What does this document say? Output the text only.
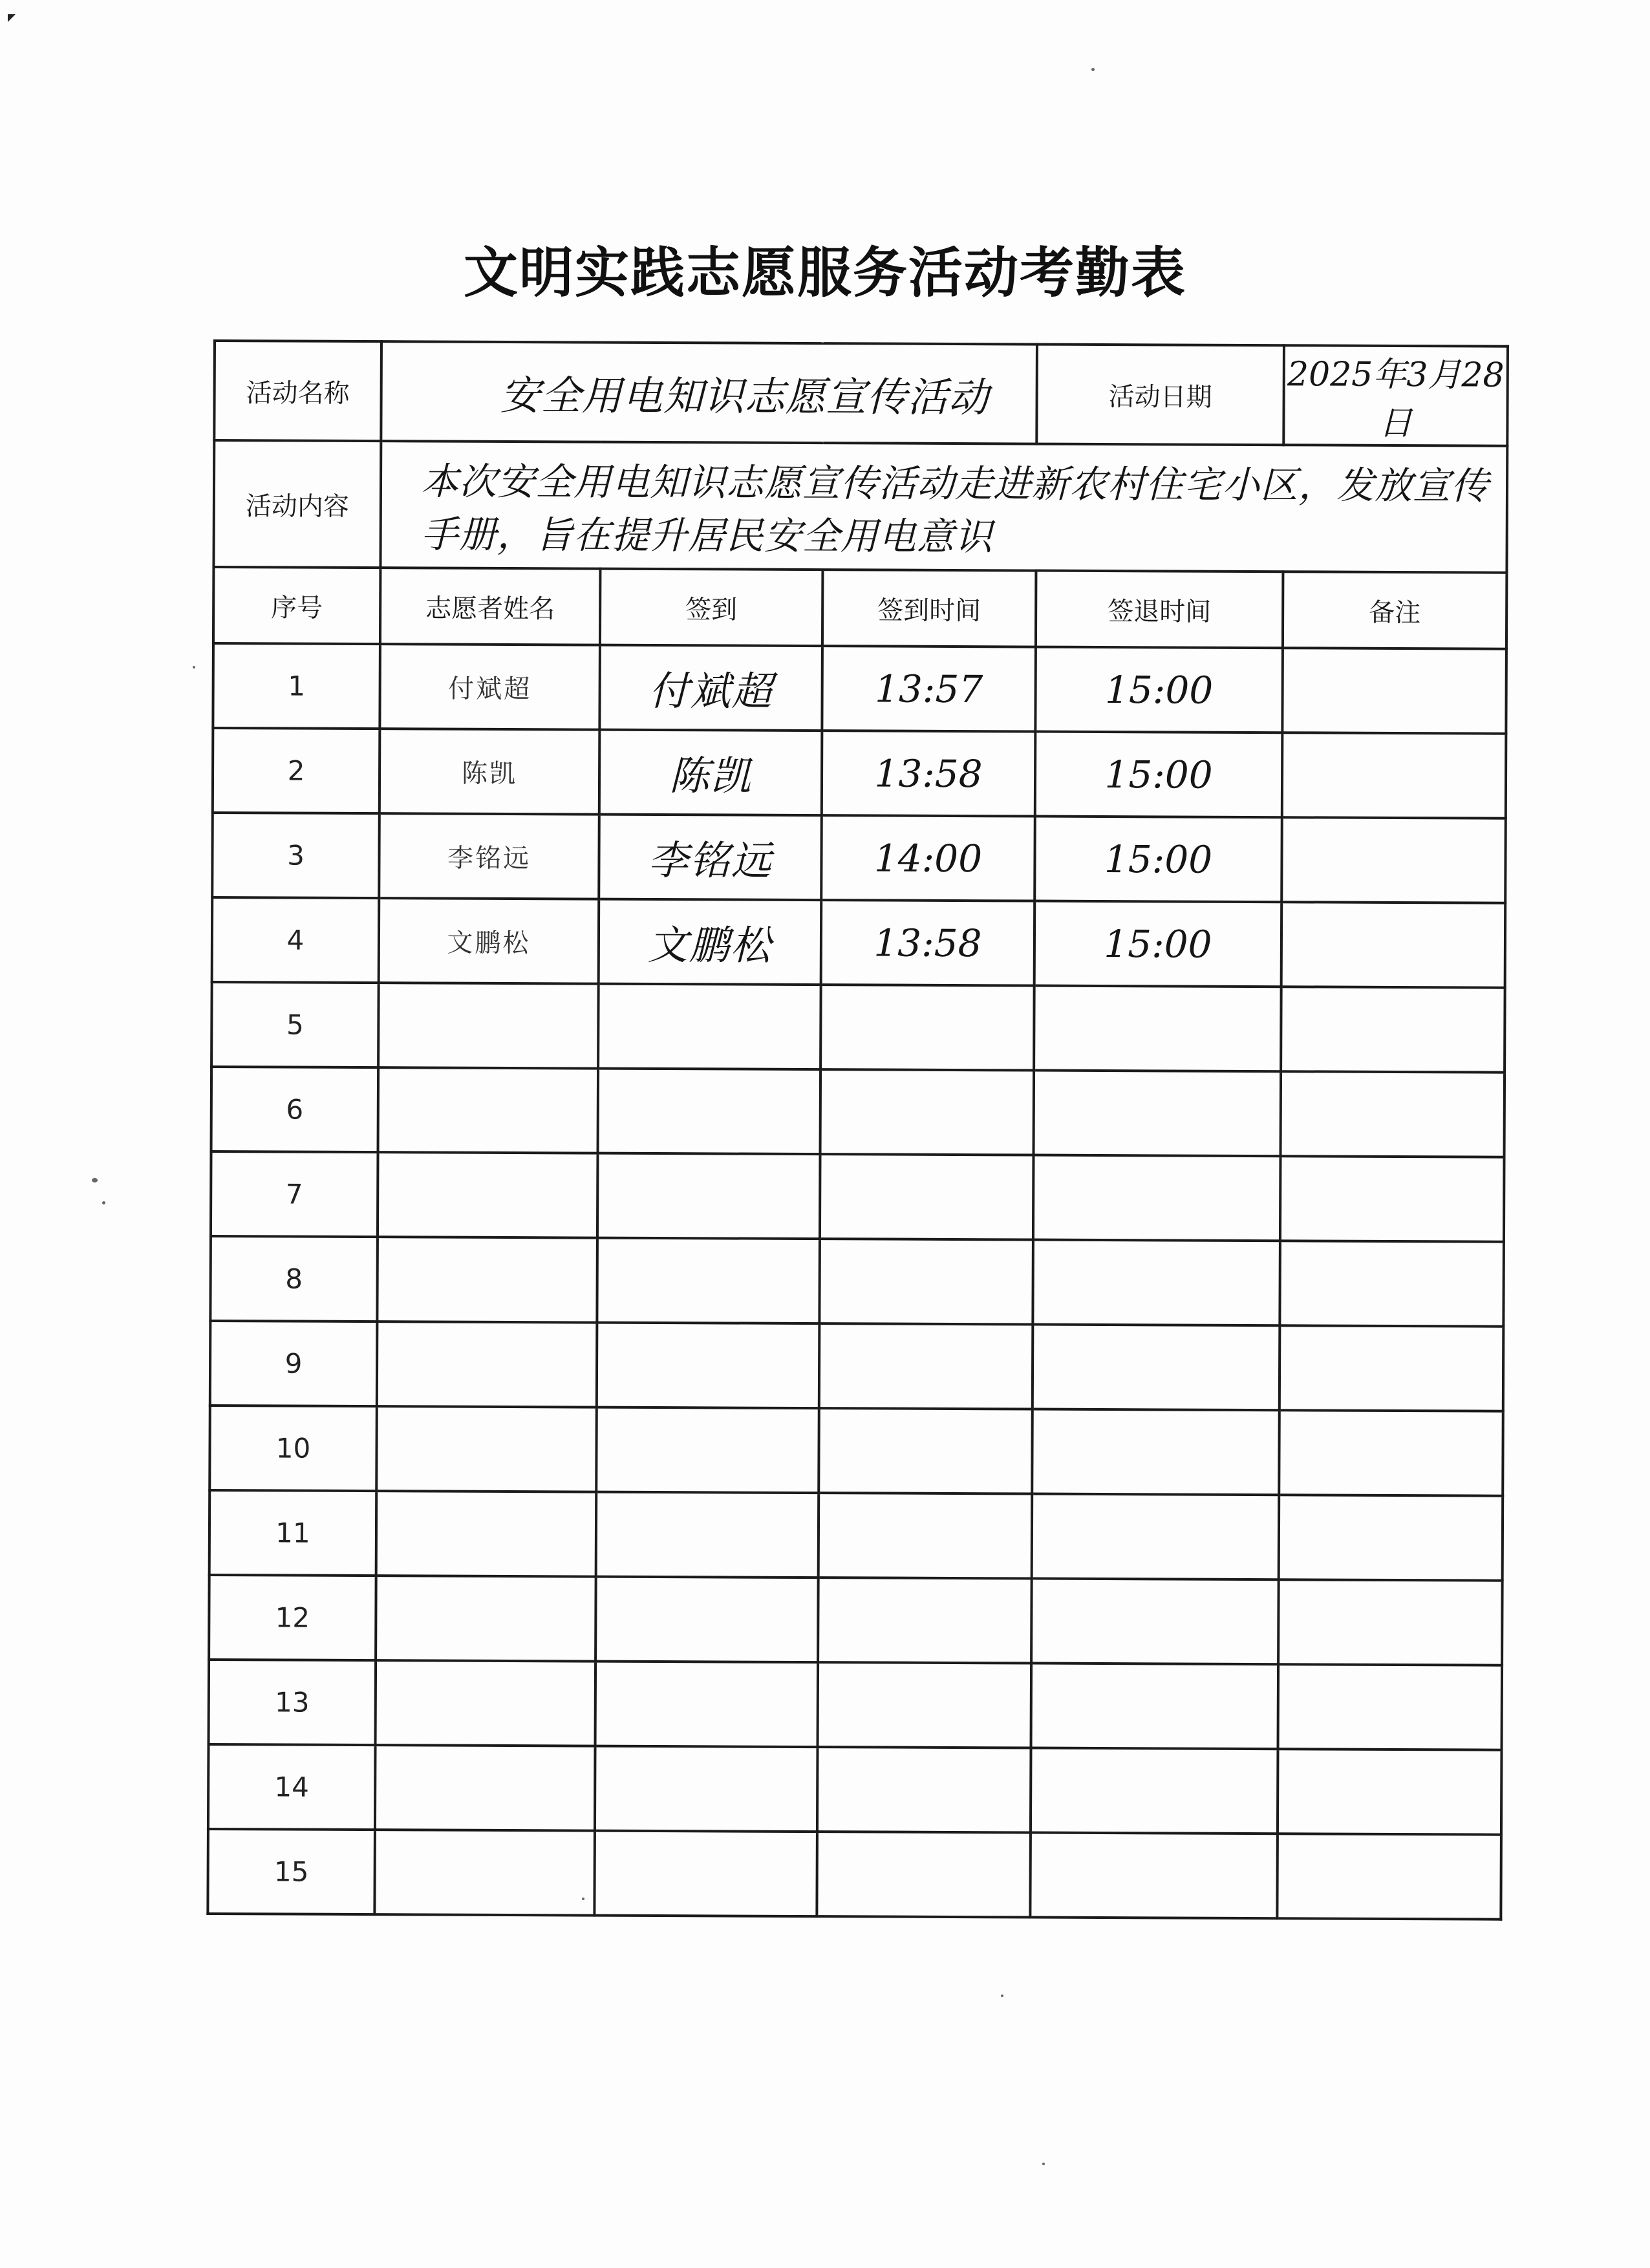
文明实践志愿服务活动考勤表
活动名称	安全用电知识志愿宣传活动			活动日期	2025年3月28日
活动内容	本次安全用电知识志愿宣传活动走进新农村住宅小区，发放宣传手册，旨在提升居民安全用电意识				
序号	志愿者姓名	签到	签到时间	签退时间	备注
1	付斌超	付斌超	13:57	15:00	
2	陈凯	陈凯	13:58	15:00	
3	李铭远	李铭远	14:00	15:00	
4	文鹏松	文鹏松	13:58	15:00	
5					
6					
7					
8					
9					
10					
11					
12					
13					
14					
15					
